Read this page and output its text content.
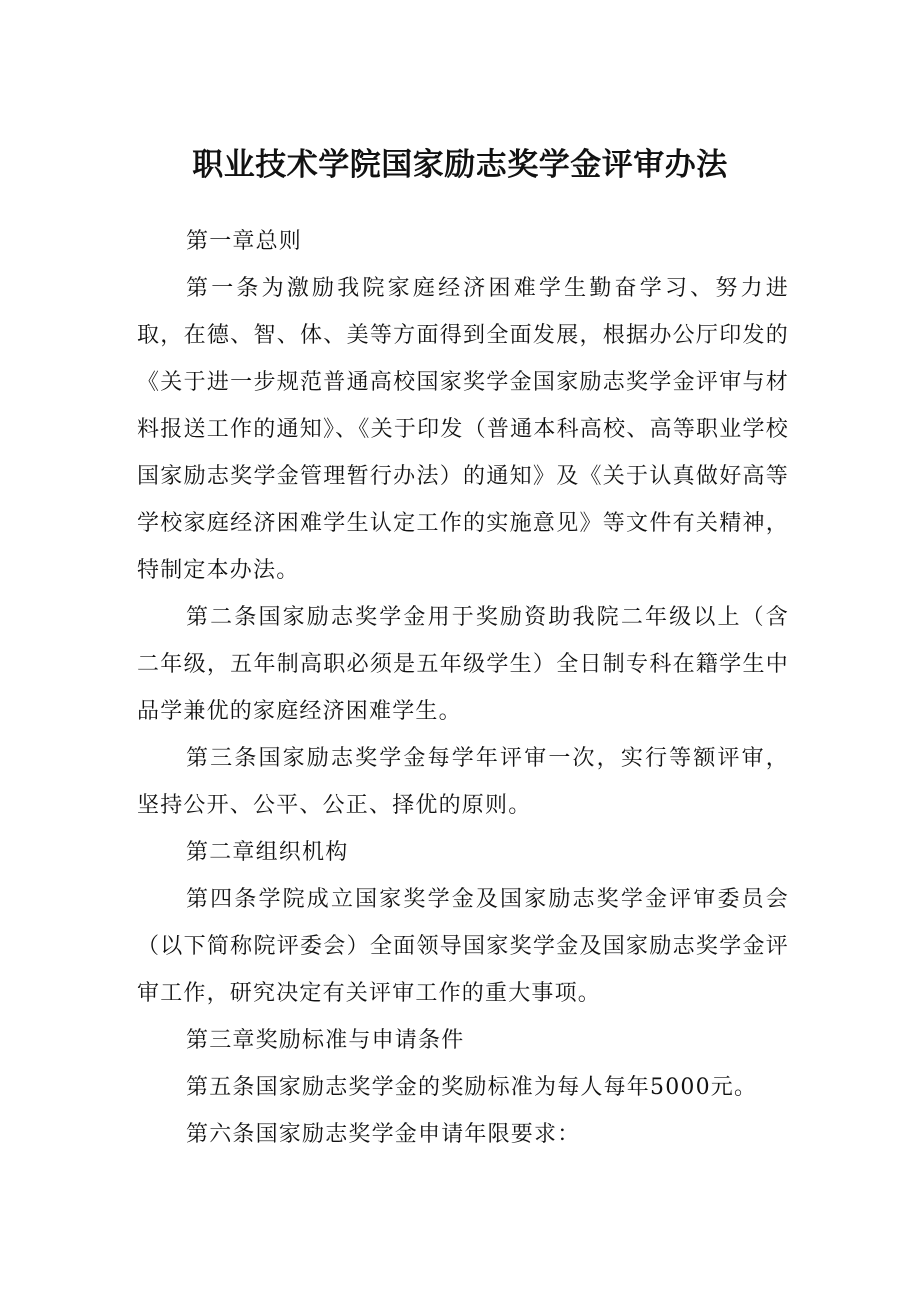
职业技术学院国家励志奖学金评审办法

第一章总则

第一条为激励我院家庭经济困难学生勤奋学习、努力进取，在德、智、体、美等方面得到全面发展，根据办公厅印发的《关于进一步规范普通高校国家奖学金国家励志奖学金评审与材料报送工作的通知》、《关于印发（普通本科高校、高等职业学校国家励志奖学金管理暂行办法）的通知》及《关于认真做好高等学校家庭经济困难学生认定工作的实施意见》等文件有关精神，特制定本办法。

第二条国家励志奖学金用于奖励资助我院二年级以上（含二年级，五年制高职必须是五年级学生）全日制专科在籍学生中品学兼优的家庭经济困难学生。

第三条国家励志奖学金每学年评审一次，实行等额评审，坚持公开、公平、公正、择优的原则。

第二章组织机构

第四条学院成立国家奖学金及国家励志奖学金评审委员会（以下简称院评委会）全面领导国家奖学金及国家励志奖学金评审工作，研究决定有关评审工作的重大事项。

第三章奖励标准与申请条件

第五条国家励志奖学金的奖励标准为每人每年5000元。

第六条国家励志奖学金申请年限要求：
